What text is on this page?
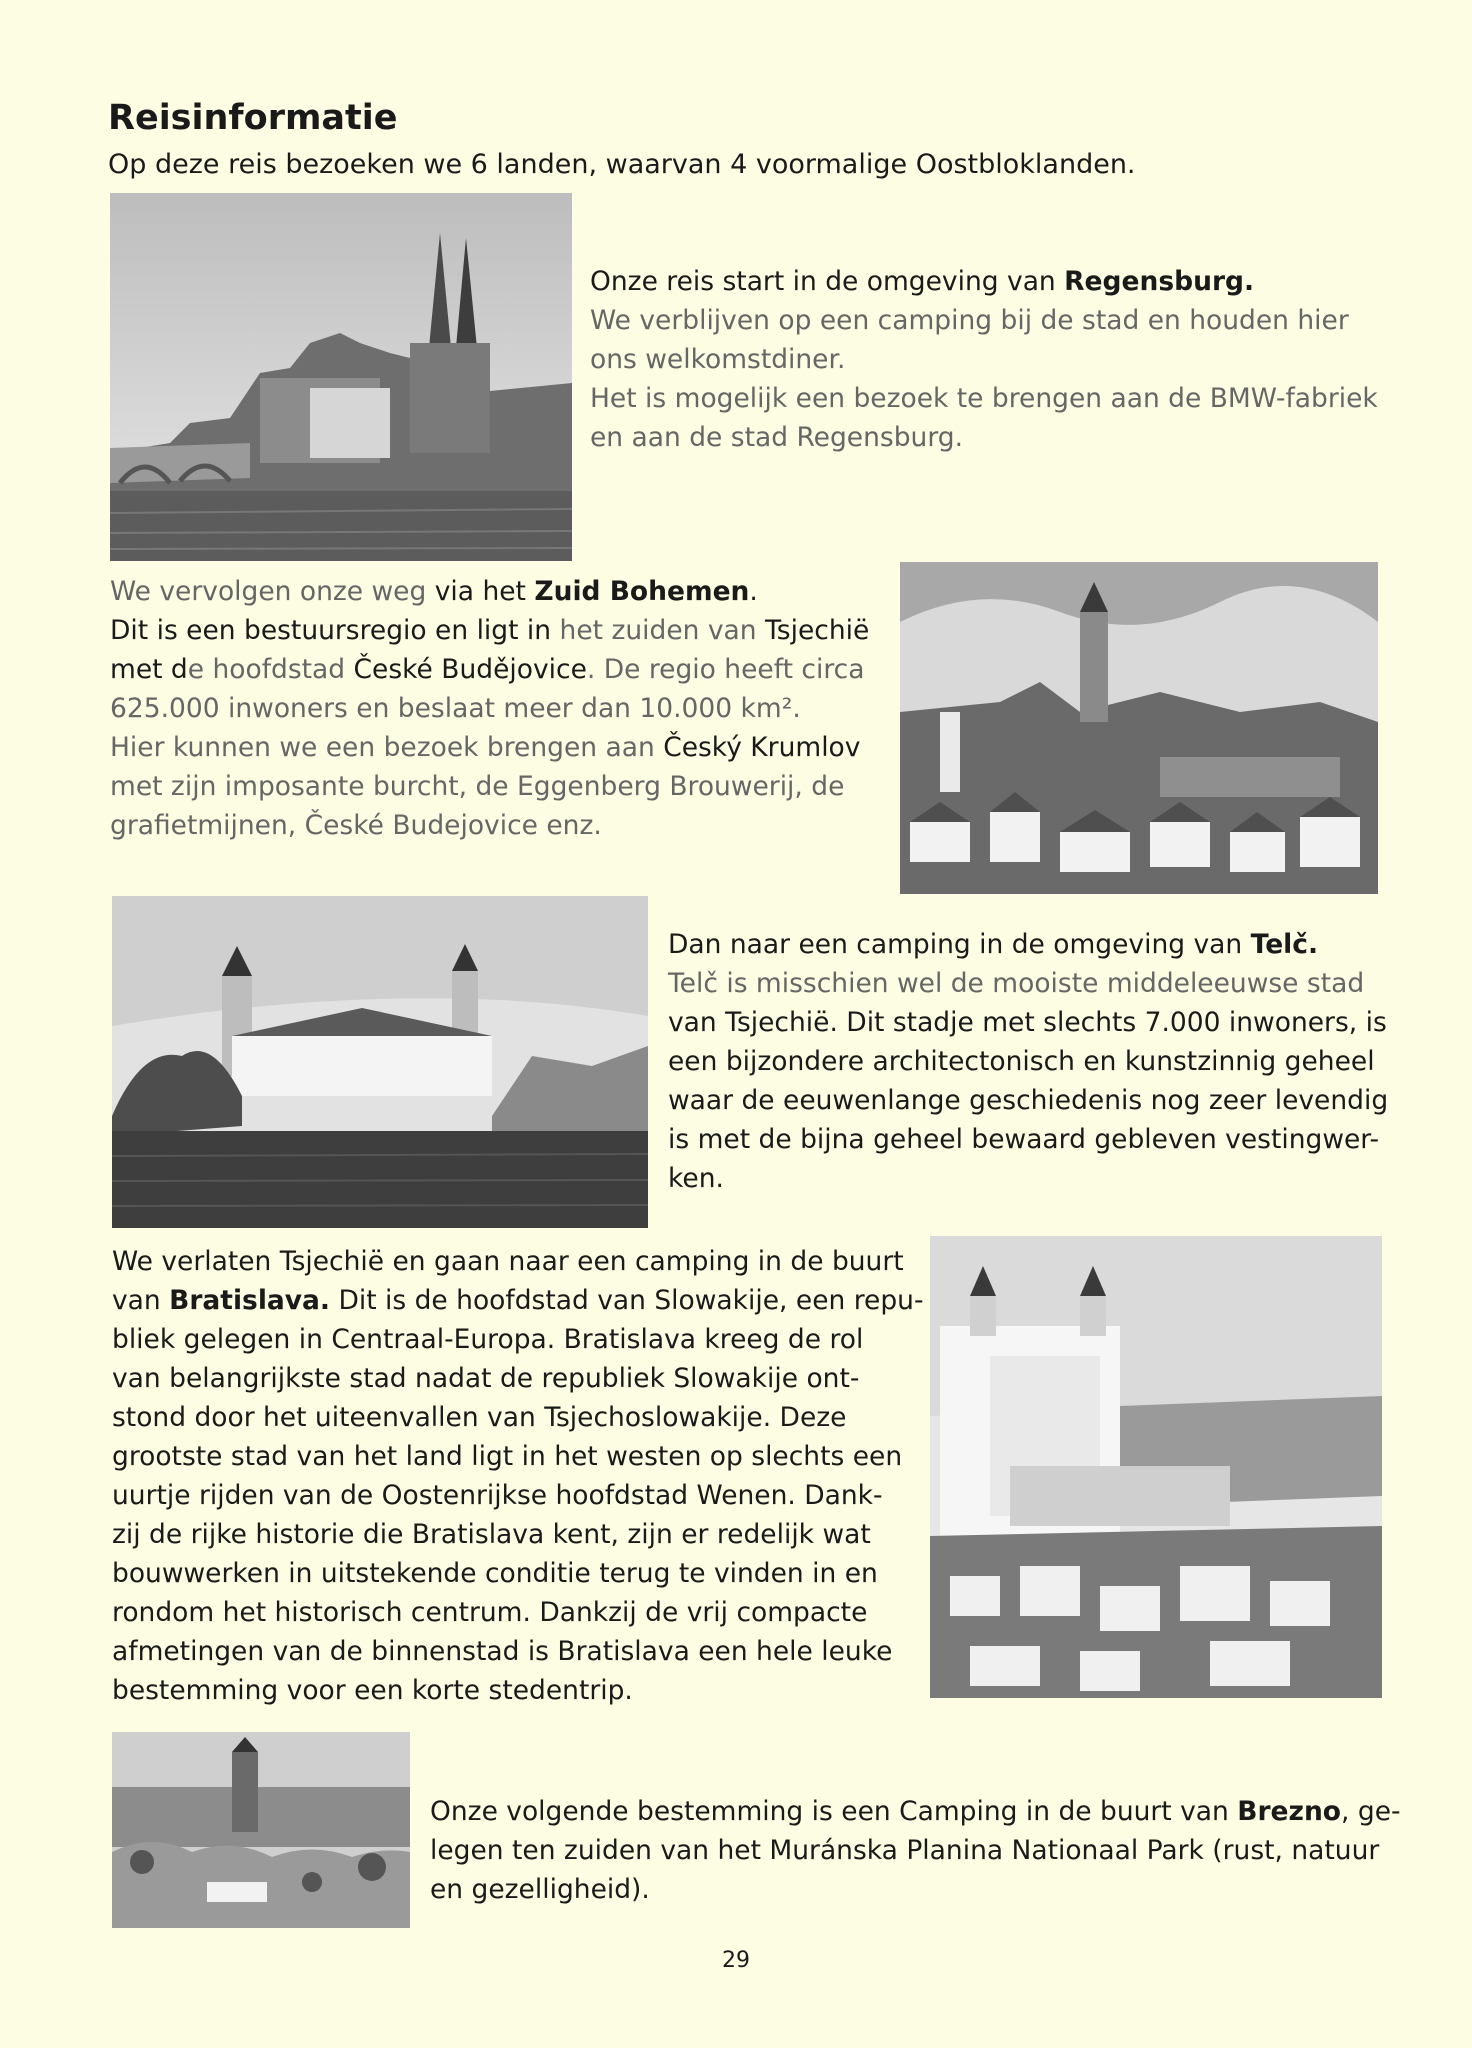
Reisinformatie
Op deze reis bezoeken we 6 landen, waarvan 4 voormalige Oostbloklanden.
Onze reis start in de omgeving van Regensburg.
We verblijven op een camping bij de stad en houden hier
ons welkomstdiner.
Het is mogelijk een bezoek te brengen aan de BMW-fabriek
en aan de stad Regensburg.
We vervolgen onze weg via het Zuid Bohemen.
Dit is een bestuursregio en ligt in het zuiden van Tsjechië
met de hoofdstad České Budějovice. De regio heeft circa
625.000 inwoners en beslaat meer dan 10.000 km².
Hier kunnen we een bezoek brengen aan Český Krumlov
met zijn imposante burcht, de Eggenberg Brouwerij, de
grafietmijnen, České Budejovice enz.
Dan naar een camping in de omgeving van Telč.
Telč is misschien wel de mooiste middeleeuwse stad
van Tsjechië. Dit stadje met slechts 7.000 inwoners, is
een bijzondere architectonisch en kunstzinnig geheel
waar de eeuwenlange geschiedenis nog zeer levendig
is met de bijna geheel bewaard gebleven vestingwer-
ken.
We verlaten Tsjechië en gaan naar een camping in de buurt
van Bratislava. Dit is de hoofdstad van Slowakije, een repu-
bliek gelegen in Centraal-Europa. Bratislava kreeg de rol
van belangrijkste stad nadat de republiek Slowakije ont-
stond door het uiteenvallen van Tsjechoslowakije. Deze
grootste stad van het land ligt in het westen op slechts een
uurtje rijden van de Oostenrijkse hoofdstad Wenen. Dank-
zij de rijke historie die Bratislava kent, zijn er redelijk wat
bouwwerken in uitstekende conditie terug te vinden in en
rondom het historisch centrum. Dankzij de vrij compacte
afmetingen van de binnenstad is Bratislava een hele leuke
bestemming voor een korte stedentrip.
Onze volgende bestemming is een Camping in de buurt van Brezno, ge-
legen ten zuiden van het Muránska Planina Nationaal Park (rust, natuur
en gezelligheid).
29
